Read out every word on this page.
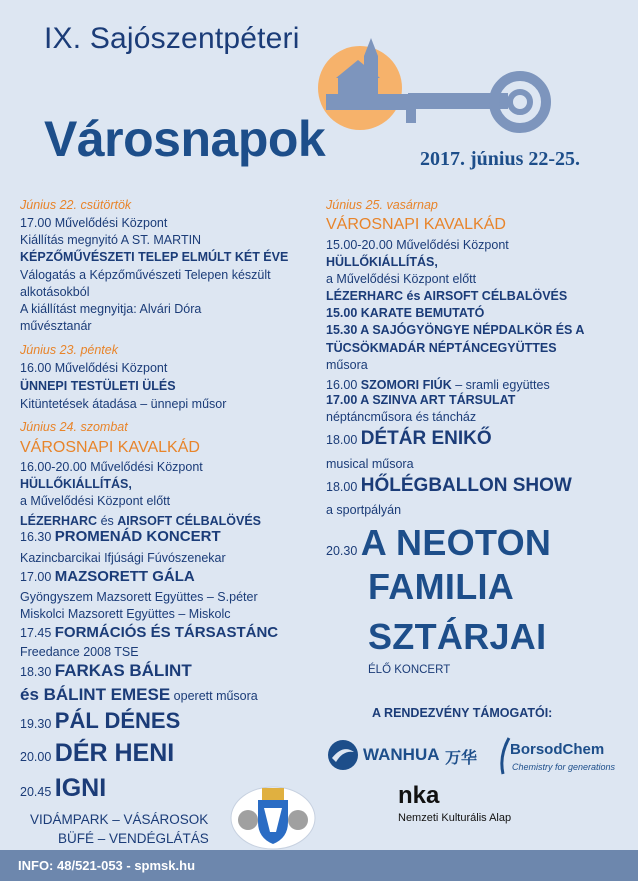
IX. Sajószentpéteri
Városnapok	2017. június 22-25.
Június 22. csütörtök
17.00 Művelődési Központ
Kiállítás megnyitó A ST. MARTIN
KÉPZŐMŰVÉSZETI TELEP ELMÚLT KÉT ÉVE
Válogatás a Képzőművészeti Telepen készült
alkotásokból
A kiállítást megnyitja: Alvári Dóra
művésztanár
Június 23. péntek
16.00 Művelődési Központ
ÜNNEPI TESTÜLETI ÜLÉS
Kitüntetések átadása – ünnepi műsor
Június 24. szombat
VÁROSNAPI KAVALKÁD
16.00-20.00 Művelődési Központ
HÜLLŐKIÁLLÍTÁS,
a Művelődési Központ előtt
LÉZERHARC és AIRSOFT CÉLBALÖVÉS
16.30 PROMENÁD KONCERT
Kazincbarcikai Ifjúsági Fúvószenekar
17.00 MAZSORETT GÁLA
Gyöngyszem Mazsorett Együttes – S.péter
Miskolci Mazsorett Együttes – Miskolc
17.45 FORMÁCIÓS ÉS TÁRSASTÁNC
Freedance 2008 TSE
18.30 FARKAS BÁLINT
és BÁLINT EMESE operett műsora
19.30 PÁL DÉNES
20.00 DÉR HENI
20.45 IGNI
VIDÁMPARK – VÁSÁROSOK
BÜFÉ – VENDÉGLÁTÁS
Június 25. vasárnap
VÁROSNAPI KAVALKÁD
15.00-20.00 Művelődési Központ
HÜLLŐKIÁLLÍTÁS,
a Művelődési Központ előtt
LÉZERHARC és AIRSOFT CÉLBALÖVÉS
15.00 KARATE BEMUTATÓ
15.30 A SAJÓGYÖNGYE NÉPDALKÖR ÉS A
TÜCSÖKMADÁR NÉPTÁNCEGYÜTTES
műsora
16.00 SZOMORI FIÚK – sramli együttes
17.00 A SZINVA ART TÁRSULAT
néptáncműsora és táncház
18.00 DÉTÁR ENIKŐ
musical műsora
18.00 HŐLÉGBALLON SHOW
a sportpályán
20.30 A NEOTON
FAMILIA
SZTÁRJAI
ÉLŐ KONCERT
A RENDEZVÉNY TÁMOGATÓI:
WANHUA 万华
BorsodChem
Chemistry for generations
nka
Nemzeti Kulturális Alap
INFO: 48/521-053 - spmsk.hu
